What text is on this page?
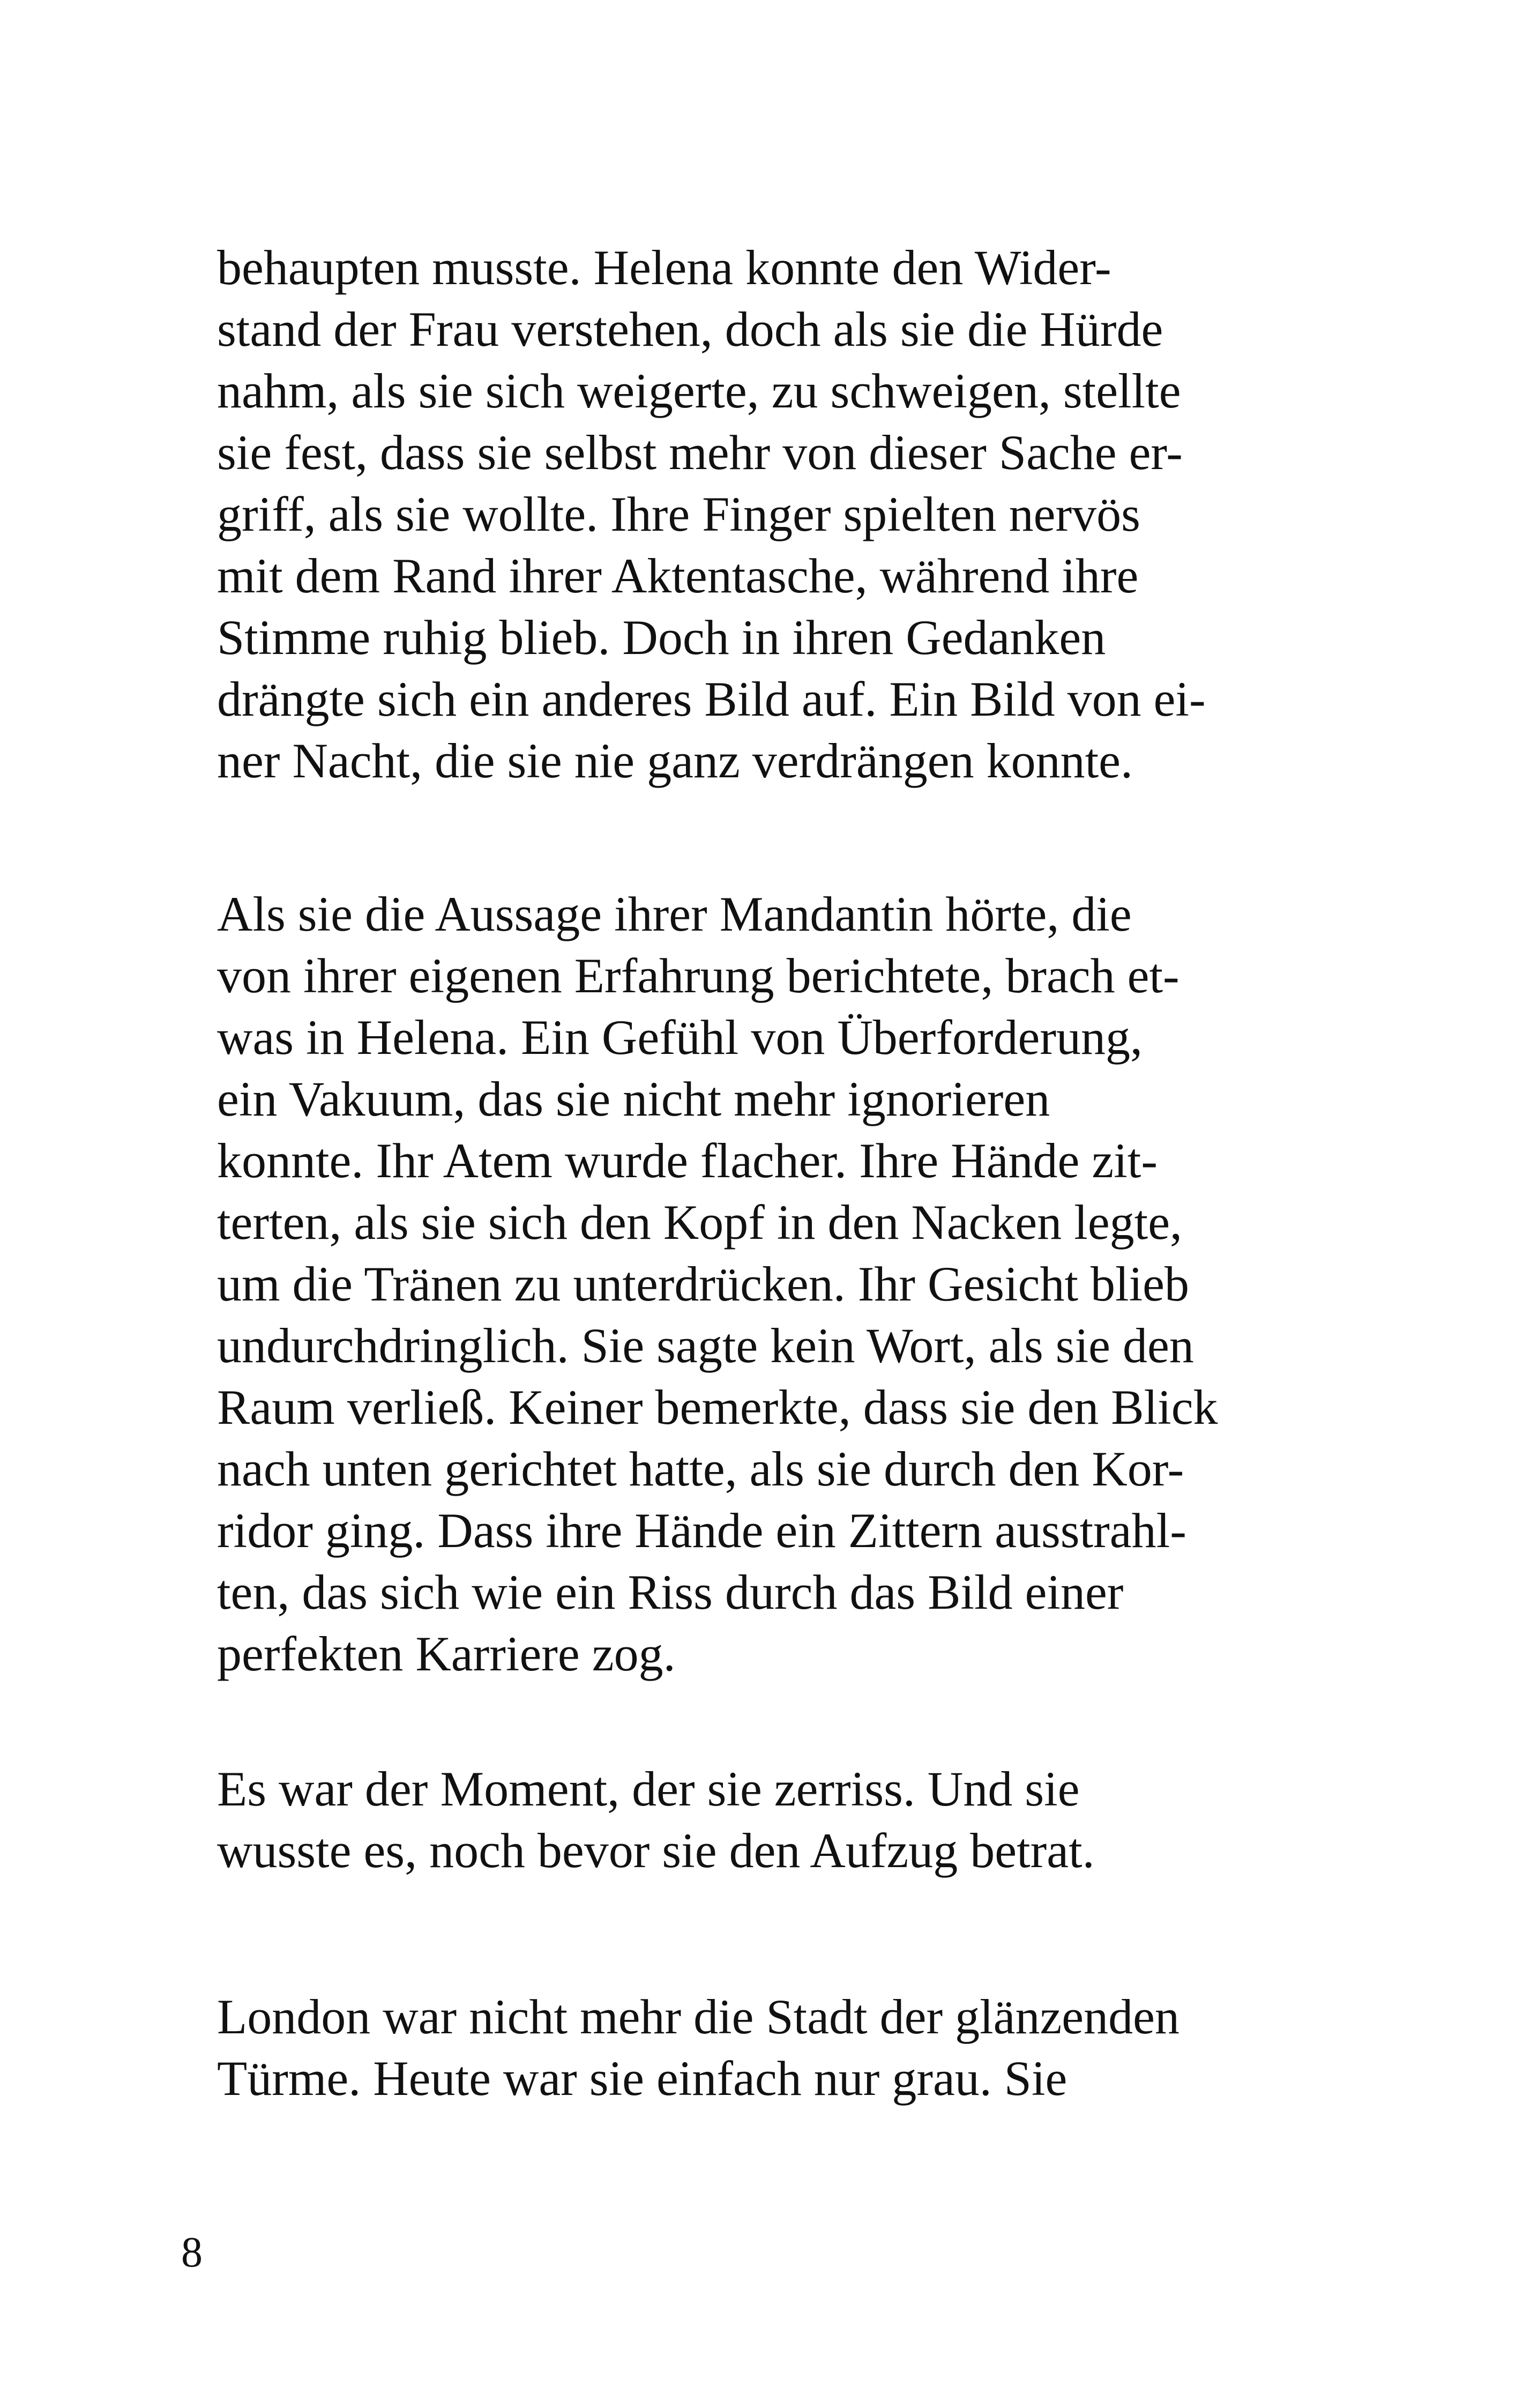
behaupten musste. Helena konnte den Wider-
stand der Frau verstehen, doch als sie die Hürde
nahm, als sie sich weigerte, zu schweigen, stellte
sie fest, dass sie selbst mehr von dieser Sache er-
griff, als sie wollte. Ihre Finger spielten nervös
mit dem Rand ihrer Aktentasche, während ihre
Stimme ruhig blieb. Doch in ihren Gedanken
drängte sich ein anderes Bild auf. Ein Bild von ei-
ner Nacht, die sie nie ganz verdrängen konnte.
Als sie die Aussage ihrer Mandantin hörte, die
von ihrer eigenen Erfahrung berichtete, brach et-
was in Helena. Ein Gefühl von Überforderung,
ein Vakuum, das sie nicht mehr ignorieren
konnte. Ihr Atem wurde flacher. Ihre Hände zit-
terten, als sie sich den Kopf in den Nacken legte,
um die Tränen zu unterdrücken. Ihr Gesicht blieb
undurchdringlich. Sie sagte kein Wort, als sie den
Raum verließ. Keiner bemerkte, dass sie den Blick
nach unten gerichtet hatte, als sie durch den Kor-
ridor ging. Dass ihre Hände ein Zittern ausstrahl-
ten, das sich wie ein Riss durch das Bild einer
perfekten Karriere zog.
Es war der Moment, der sie zerriss. Und sie
wusste es, noch bevor sie den Aufzug betrat.
London war nicht mehr die Stadt der glänzenden
Türme. Heute war sie einfach nur grau. Sie
8
